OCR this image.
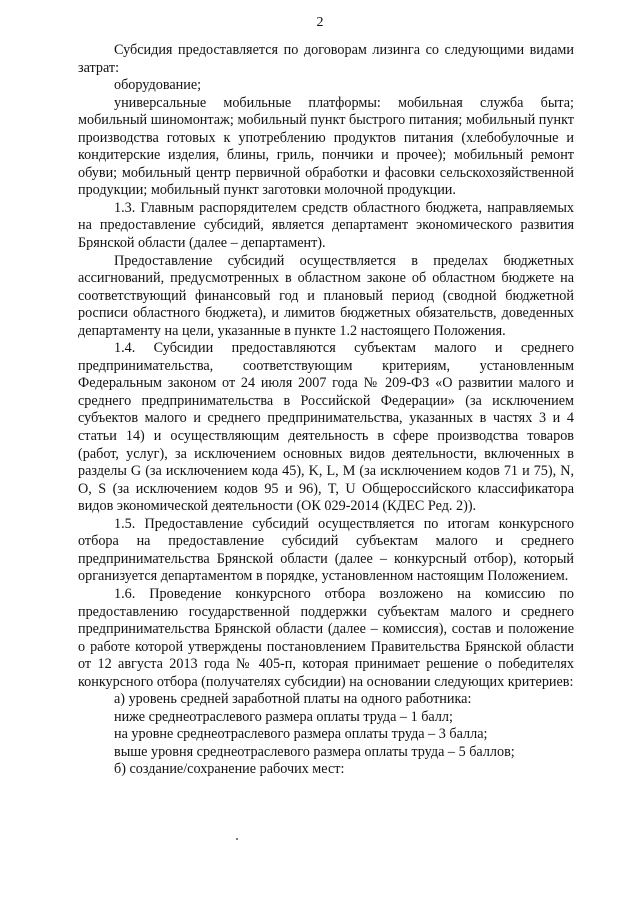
2

Субсидия предоставляется по договорам лизинга со следующими видами затрат:

оборудование;

универсальные мобильные платформы: мобильная служба быта; мобильный шиномонтаж; мобильный пункт быстрого питания; мобильный пункт производства готовых к употреблению продуктов питания (хлебобулочные и кондитерские изделия, блины, гриль, пончики и прочее); мобильный ремонт обуви; мобильный центр первичной обработки и фасовки сельскохозяйственной продукции; мобильный пункт заготовки молочной продукции.

1.3. Главным распорядителем средств областного бюджета, направляемых на предоставление субсидий, является департамент экономического развития Брянской области (далее – департамент).

Предоставление субсидий осуществляется в пределах бюджетных ассигнований, предусмотренных в областном законе об областном бюджете на соответствующий финансовый год и плановый период (сводной бюджетной росписи областного бюджета), и лимитов бюджетных обязательств, доведенных департаменту на цели, указанные в пункте 1.2 настоящего Положения.

1.4. Субсидии предоставляются субъектам малого и среднего предпринимательства, соответствующим критериям, установленным Федеральным законом от 24 июля 2007 года № 209-ФЗ «О развитии малого и среднего предпринимательства в Российской Федерации» (за исключением субъектов малого и среднего предпринимательства, указанных в частях 3 и 4 статьи 14) и осуществляющим деятельность в сфере производства товаров (работ, услуг), за исключением основных видов деятельности, включенных в разделы G (за исключением кода 45), K, L, M (за исключением кодов 71 и 75), N, O, S (за исключением кодов 95 и 96), T, U Общероссийского классификатора видов экономической деятельности (ОК 029-2014 (КДЕС Ред. 2)).

1.5. Предоставление субсидий осуществляется по итогам конкурсного отбора на предоставление субсидий субъектам малого и среднего предпринимательства Брянской области (далее – конкурсный отбор), который организуется департаментом в порядке, установленном настоящим Положением.

1.6. Проведение конкурсного отбора возложено на комиссию по предоставлению государственной поддержки субъектам малого и среднего предпринимательства Брянской области (далее – комиссия), состав и положение о работе которой утверждены постановлением Правительства Брянской области от 12 августа 2013 года № 405-п, которая принимает решение о победителях конкурсного отбора (получателях субсидии) на основании следующих критериев:

а) уровень средней заработной платы на одного работника:

ниже среднеотраслевого размера оплаты труда – 1 балл;

на уровне среднеотраслевого размера оплаты труда – 3 балла;

выше уровня среднеотраслевого размера оплаты труда – 5 баллов;

б) создание/сохранение рабочих мест:
